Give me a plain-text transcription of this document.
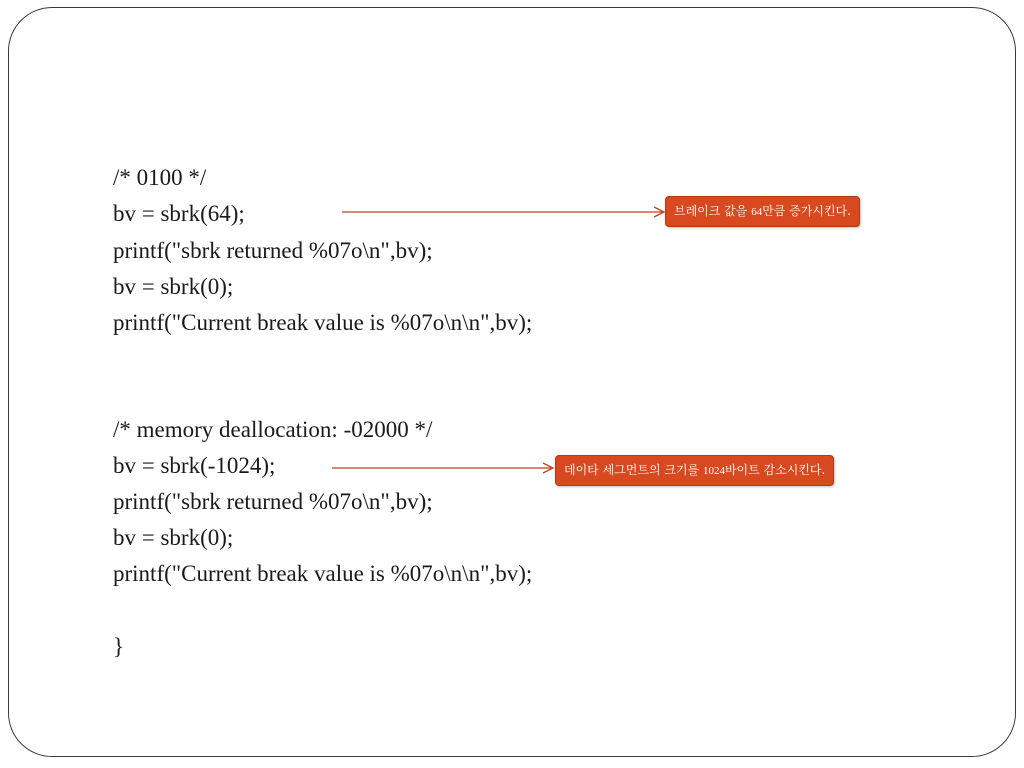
/* 0100 */
bv = sbrk(64);
printf("sbrk returned %07o\n",bv);
bv = sbrk(0);
printf("Current break value is %07o\n\n",bv);
/* memory deallocation: -02000 */
bv = sbrk(-1024);
printf("sbrk returned %07o\n",bv);
bv = sbrk(0);
printf("Current break value is %07o\n\n",bv);
}
브레이크 값을 64만큼 증가시킨다.
데이타 세그먼트의 크기를 1024바이트 감소시킨다.
